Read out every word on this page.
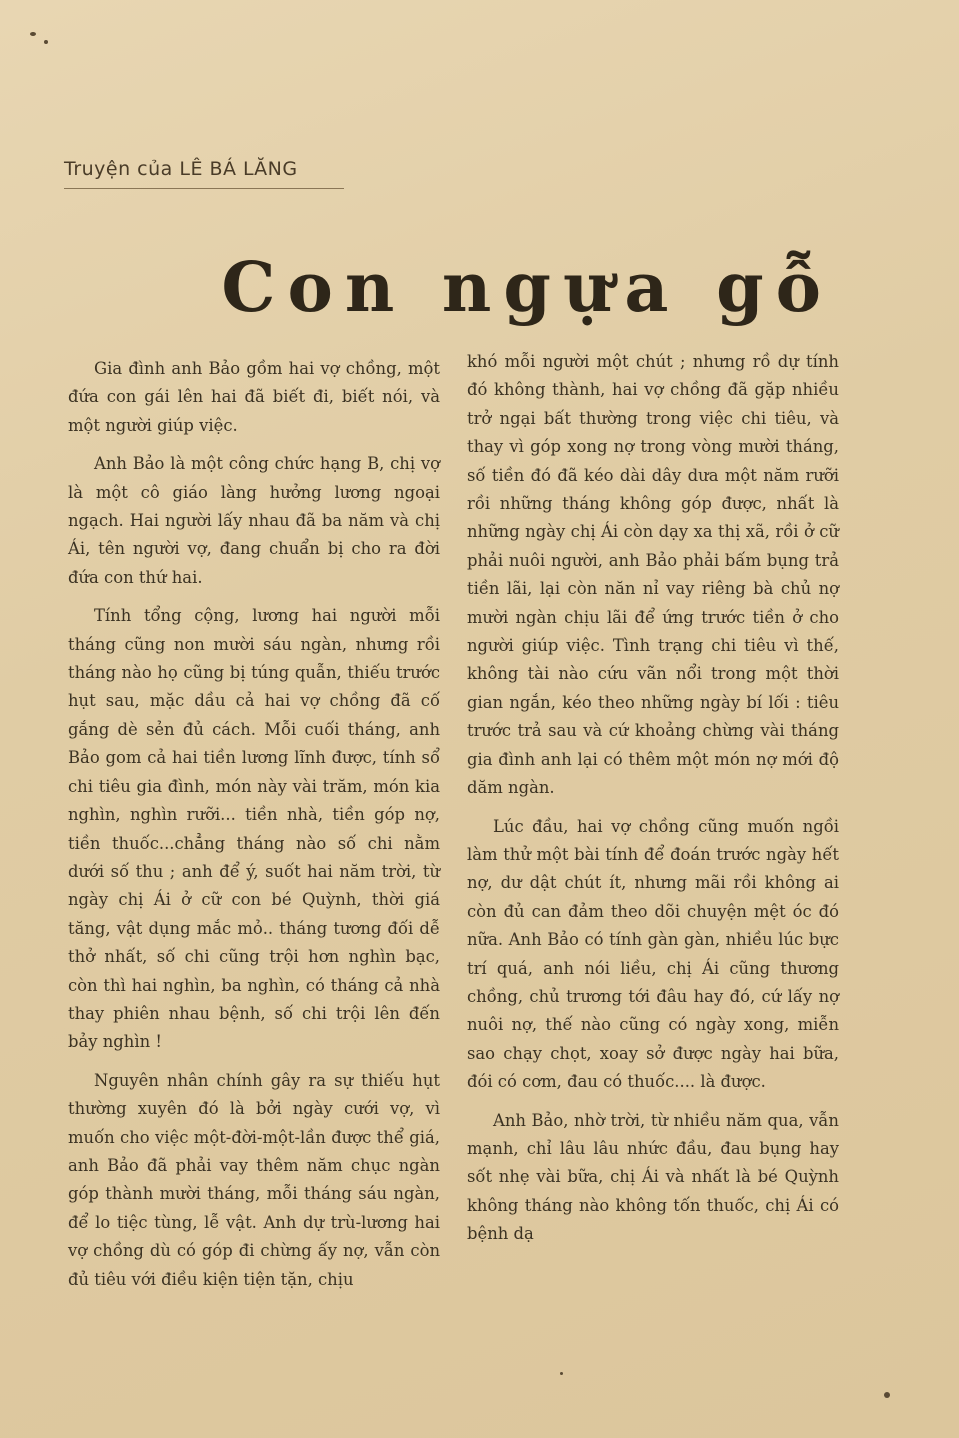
Truyện của LÊ BÁ LĂNG
Con ngựa gỗ

Gia đình anh Bảo gồm hai vợ chồng, một đứa con gái lên hai đã biết đi, biết nói, và một người giúp việc.

Anh Bảo là một công chức hạng B, chị vợ là một cô giáo làng hưởng lương ngoại ngạch. Hai người lấy nhau đã ba năm và chị Ái, tên người vợ, đang chuẩn bị cho ra đời đứa con thứ hai.

Tính tổng cộng, lương hai người mỗi tháng cũng non mười sáu ngàn, nhưng rồi tháng nào họ cũng bị túng quẫn, thiếu trước hụt sau, mặc dầu cả hai vợ chồng đã cố gắng dè sẻn đủ cách. Mỗi cuối tháng, anh Bảo gom cả hai tiền lương lĩnh được, tính sổ chi tiêu gia đình, món này vài trăm, món kia nghìn, nghìn rưỡi... tiền nhà, tiền góp nợ, tiền thuốc...chẳng tháng nào số chi nằm dưới số thu ; anh để ý, suốt hai năm trời, từ ngày chị Ái ở cữ con bé Quỳnh, thời giá tăng, vật dụng mắc mỏ.. tháng tương đối dễ thở nhất, số chi cũng trội hơn nghìn bạc, còn thì hai nghìn, ba nghìn, có tháng cả nhà thay phiên nhau bệnh, số chi trội lên đến bảy nghìn !

Nguyên nhân chính gây ra sự thiếu hụt thường xuyên đó là bởi ngày cưới vợ, vì muốn cho việc một-đời-một-lần được thể giá, anh Bảo đã phải vay thêm năm chục ngàn góp thành mười tháng, mỗi tháng sáu ngàn, để lo tiệc tùng, lễ vật. Anh dự trù-lương hai vợ chồng dù có góp đi chừng ấy nợ, vẫn còn đủ tiêu với điều kiện tiện tặn, chịu

khó mỗi người một chút ; nhưng rồ dự tính đó không thành, hai vợ chồng đã gặp nhiều trở ngại bất thường trong việc chi tiêu, và thay vì góp xong nợ trong vòng mười tháng, số tiền đó đã kéo dài dây dưa một năm rưỡi rồi những tháng không góp được, nhất là những ngày chị Ái còn dạy xa thị xã, rồi ở cữ phải nuôi người, anh Bảo phải bấm bụng trả tiền lãi, lại còn năn nỉ vay riêng bà chủ nợ mười ngàn chịu lãi để ứng trước tiền ở cho người giúp việc. Tình trạng chi tiêu vì thế, không tài nào cứu vãn nổi trong một thời gian ngắn, kéo theo những ngày bí lối : tiêu trước trả sau và cứ khoảng chừng vài tháng gia đình anh lại có thêm một món nợ mới độ dăm ngàn.

Lúc đầu, hai vợ chồng cũng muốn ngồi làm thử một bài tính để đoán trước ngày hết nợ, dư dật chút ít, nhưng mãi rồi không ai còn đủ can đảm theo dõi chuyện mệt óc đó nữa. Anh Bảo có tính gàn gàn, nhiều lúc bực trí quá, anh nói liều, chị Ái cũng thương chồng, chủ trương tới đâu hay đó, cứ lấy nợ nuôi nợ, thế nào cũng có ngày xong, miễn sao chạy chọt, xoay sở được ngày hai bữa, đói có cơm, đau có thuốc.... là được.

Anh Bảo, nhờ trời, từ nhiều năm qua, vẫn mạnh, chỉ lâu lâu nhức đầu, đau bụng hay sốt nhẹ vài bữa, chị Ái và nhất là bé Quỳnh không tháng nào không tốn thuốc, chị Ái có bệnh dạ
